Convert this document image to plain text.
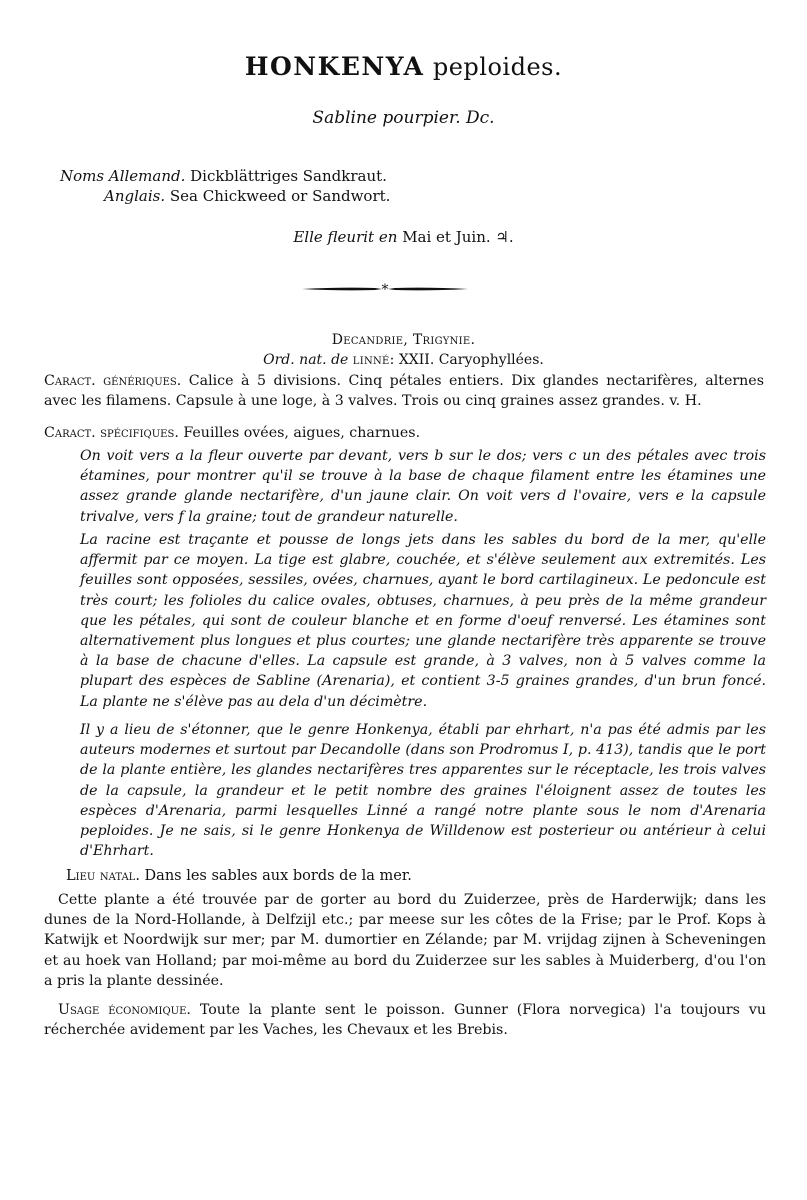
HONKENYA peploides.
Sabline pourpier. Dc.
Noms Allemand. Dickblättriges Sandkraut.
Anglais. Sea Chickweed or Sandwort.
Elle fleurit en Mai et Juin. ♃.
*
Decandrie, Trigynie.
Ord. nat. de linné: XXII. Caryophyllées.
Caract. génériques. Calice à 5 divisions. Cinq pétales entiers. Dix glandes nectarifères, alternes avec les filamens. Capsule à une loge, à 3 valves. Trois ou cinq graines assez grandes. v. H.
Caract. spécifiques. Feuilles ovées, aigues, charnues.
On voit vers a la fleur ouverte par devant, vers b sur le dos; vers c un des pétales avec trois étamines, pour montrer qu'il se trouve à la base de chaque filament entre les étamines une assez grande glande nectarifère, d'un jaune clair. On voit vers d l'ovaire, vers e la capsule trivalve, vers f la graine; tout de grandeur naturelle.
La racine est traçante et pousse de longs jets dans les sables du bord de la mer, qu'elle affermit par ce moyen. La tige est glabre, couchée, et s'élève seulement aux extremités. Les feuilles sont opposées, sessiles, ovées, charnues, ayant le bord cartilagineux. Le pedoncule est très court; les folioles du calice ovales, obtuses, charnues, à peu près de la même grandeur que les pétales, qui sont de couleur blanche et en forme d'oeuf renversé. Les étamines sont alternativement plus longues et plus courtes; une glande nectarifère très apparente se trouve à la base de chacune d'elles. La capsule est grande, à 3 valves, non à 5 valves comme la plupart des espèces de Sabline (Arenaria), et contient 3-5 graines grandes, d'un brun foncé. La plante ne s'élève pas au dela d'un décimètre.
Il y a lieu de s'étonner, que le genre Honkenya, établi par ehrhart, n'a pas été admis par les auteurs modernes et surtout par Decandolle (dans son Prodromus I, p. 413), tandis que le port de la plante entière, les glandes nectarifères tres apparentes sur le réceptacle, les trois valves de la capsule, la grandeur et le petit nombre des graines l'éloignent assez de toutes les espèces d'Arenaria, parmi lesquelles Linné a rangé notre plante sous le nom d'Arenaria peploides. Je ne sais, si le genre Honkenya de Willdenow est posterieur ou antérieur à celui d'Ehrhart.
Lieu natal. Dans les sables aux bords de la mer.
Cette plante a été trouvée par de gorter au bord du Zuiderzee, près de Harderwijk; dans les dunes de la Nord-Hollande, à Delfzijl etc.; par meese sur les côtes de la Frise; par le Prof. Kops à Katwijk et Noordwijk sur mer; par M. dumortier en Zélande; par M. vrijdag zijnen à Scheveningen et au hoek van Holland; par moi-même au bord du Zuiderzee sur les sables à Muiderberg, d'ou l'on a pris la plante dessinée.
Usage économique. Toute la plante sent le poisson. Gunner (Flora norvegica) l'a toujours vu récherchée avidement par les Vaches, les Chevaux et les Brebis.
